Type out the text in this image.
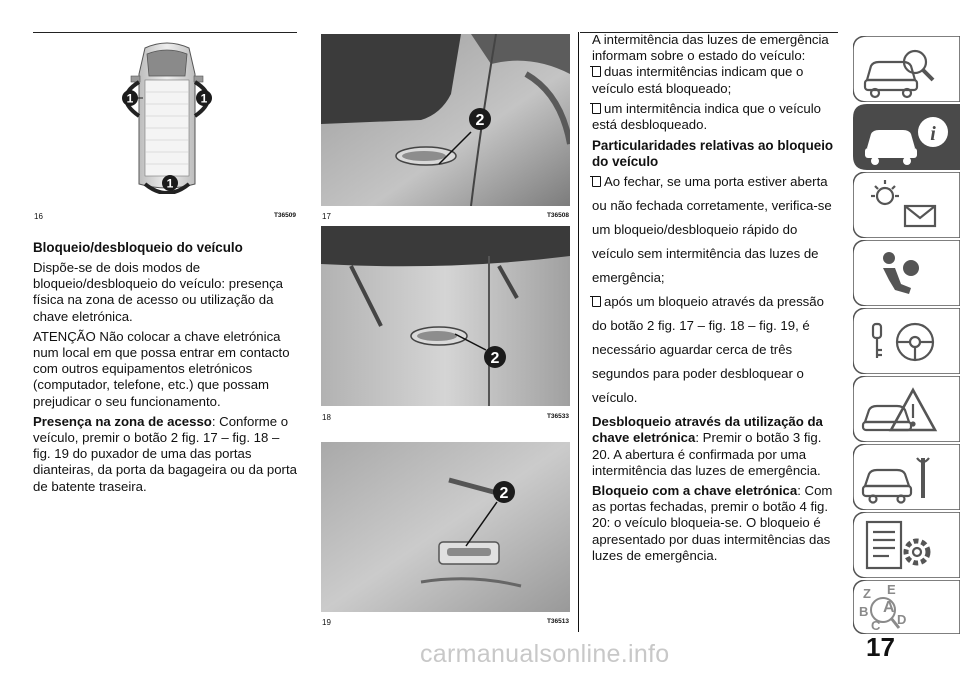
1	1
1
16	T36509
2
17	T36508
2
18	T36533
2
19	T36513
Bloqueio/desbloqueio do veículo

Dispõe-se de dois modos de bloqueio/desbloqueio do veículo: presença física na zona de acesso ou utilização da chave eletrónica.

ATENÇÃO Não colocar a chave eletrónica num local em que possa entrar em contacto com outros equipamentos eletrónicos (computador, telefone, etc.) que possam prejudicar o seu funcionamento.

Presença na zona de acesso: Conforme o veículo, premir o botão 2 fig. 17 – fig. 18 – fig. 19 do puxador de uma das portas dianteiras, da porta da bagageira ou da porta de batente traseira.

A intermitência das luzes de emergência informam sobre o estado do veículo:

duas intermitências indicam que o veículo está bloqueado;

um intermitência indica que o veículo está desbloqueado.

Particularidades relativas ao bloqueio do veículo

Ao fechar, se uma porta estiver aberta ou não fechada corretamente, verifica-se um bloqueio/desbloqueio rápido do veículo sem intermitência das luzes de emergência;

após um bloqueio através da pressão do botão 2 fig. 17 – fig. 18 – fig. 19, é necessário aguardar cerca de três segundos para poder desbloquear o veículo.

Desbloqueio através da utilização da chave eletrónica: Premir o botão 3 fig. 20. A abertura é confirmada por uma intermitência das luzes de emergência.

Bloqueio com a chave eletrónica: Com as portas fechadas, premir o botão 4 fig. 20: o veículo bloqueia-se. O bloqueio é apresentado por duas intermitências das luzes de emergência.

i
Z E
B A
C D
17
carmanualsonline.info
